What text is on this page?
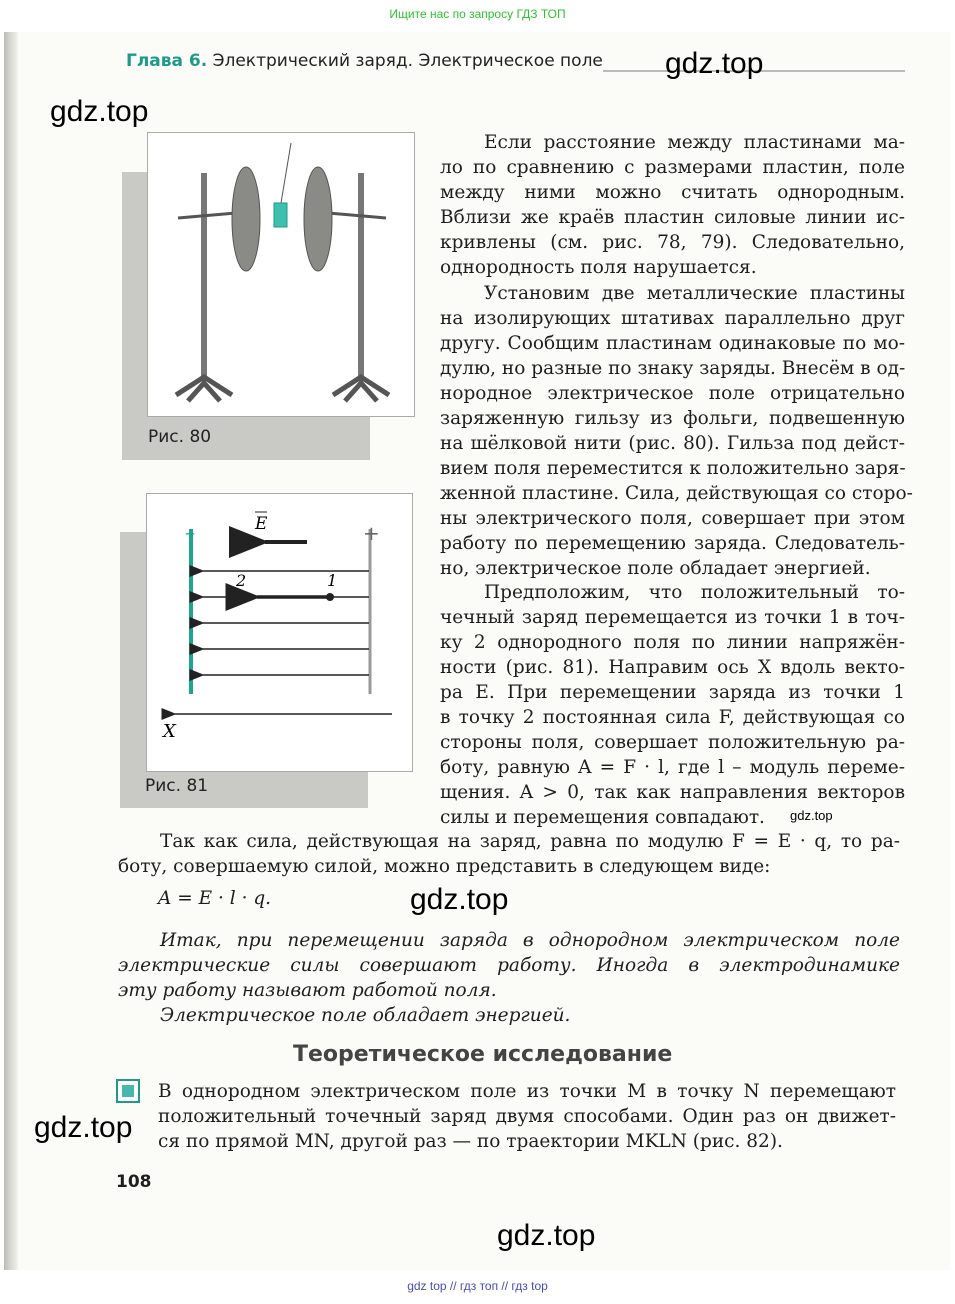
Ищите нас по запросу ГДЗ ТОП
Глава 6. Электрический заряд. Электрическое поле
Рис. 80
–	+
E
2	1
X
Рис. 81
Если расстояние между пластинами ма-
ло по сравнению с размерами пластин, поле
между ними можно считать однородным.
Вблизи же краёв пластин силовые линии ис-
кривлены (см. рис. 78, 79). Следовательно,
однородность поля нарушается.
Установим две металлические пластины
на изолирующих штативах параллельно друг
другу. Сообщим пластинам одинаковые по мо-
дулю, но разные по знаку заряды. Внесём в од-
нородное электрическое поле отрицательно
заряженную гильзу из фольги, подвешенную
на шёлковой нити (рис. 80). Гильза под дейст-
вием поля переместится к положительно заря-
женной пластине. Сила, действующая со сторо-
ны электрического поля, совершает при этом
работу по перемещению заряда. Следователь-
но, электрическое поле обладает энергией.
Предположим, что положительный то-
чечный заряд перемещается из точки 1 в точ-
ку 2 однородного поля по линии напряжён-
ности (рис. 81). Направим ось X вдоль векто-
ра E. При перемещении заряда из точки 1
в точку 2 постоянная сила F, действующая со
стороны поля, совершает положительную ра-
боту, равную A = F · l, где l – модуль переме-
щения. A > 0, так как направления векторов
силы и перемещения совпадают.
Так как сила, действующая на заряд, равна по модулю F = E · q, то ра-
боту, совершаемую силой, можно представить в следующем виде:
A = E · l · q.
Итак, при перемещении заряда в однородном электрическом поле
электрические силы совершают работу. Иногда в электродинамике
эту работу называют работой поля.
Электрическое поле обладает энергией.
Теоретическое исследование
В однородном электрическом поле из точки M в точку N перемещают
положительный точечный заряд двумя способами. Один раз он движет-
ся по прямой MN, другой раз — по траектории MKLN (рис. 82).
108
gdz.top
gdz.top
gdz.top
gdz.top
gdz.top
gdz.top
gdz top // гдз топ // гдз top
